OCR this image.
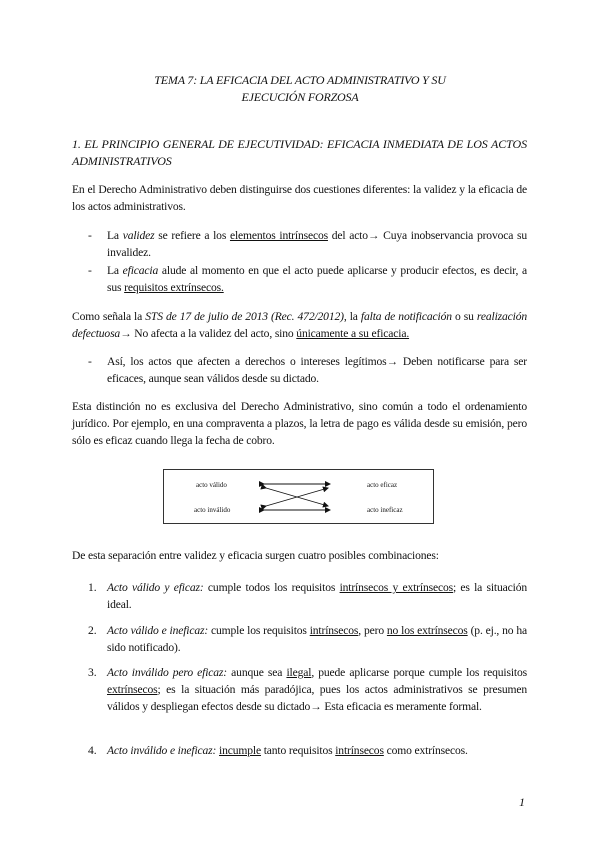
TEMA 7: LA EFICACIA DEL ACTO ADMINISTRATIVO Y SU
EJECUCIÓN FORZOSA
1. EL PRINCIPIO GENERAL DE EJECUTIVIDAD: EFICACIA INMEDIATA DE LOS ACTOS ADMINISTRATIVOS

En el Derecho Administrativo deben distinguirse dos cuestiones diferentes: la validez y la eficacia de los actos administrativos.

- La validez se refiere a los elementos intrínsecos del acto→ Cuya inobservancia provoca su invalidez.
- La eficacia alude al momento en que el acto puede aplicarse y producir efectos, es decir, a sus requisitos extrínsecos.

Como señala la STS de 17 de julio de 2013 (Rec. 472/2012), la falta de notificación o su realización defectuosa→ No afecta a la validez del acto, sino únicamente a su eficacia.

- Así, los actos que afecten a derechos o intereses legítimos→ Deben notificarse para ser eficaces, aunque sean válidos desde su dictado.

Esta distinción no es exclusiva del Derecho Administrativo, sino común a todo el ordenamiento jurídico. Por ejemplo, en una compraventa a plazos, la letra de pago es válida desde su emisión, pero sólo es eficaz cuando llega la fecha de cobro.

acto válido
acto inválido
acto eficaz
acto ineficaz

De esta separación entre validez y eficacia surgen cuatro posibles combinaciones:

1. Acto válido y eficaz: cumple todos los requisitos intrínsecos y extrínsecos; es la situación ideal.
2. Acto válido e ineficaz: cumple los requisitos intrínsecos, pero no los extrínsecos (p. ej., no ha sido notificado).
3. Acto inválido pero eficaz: aunque sea ilegal, puede aplicarse porque cumple los requisitos extrínsecos; es la situación más paradójica, pues los actos administrativos se presumen válidos y despliegan efectos desde su dictado→ Esta eficacia es meramente formal.
4. Acto inválido e ineficaz: incumple tanto requisitos intrínsecos como extrínsecos.
1
